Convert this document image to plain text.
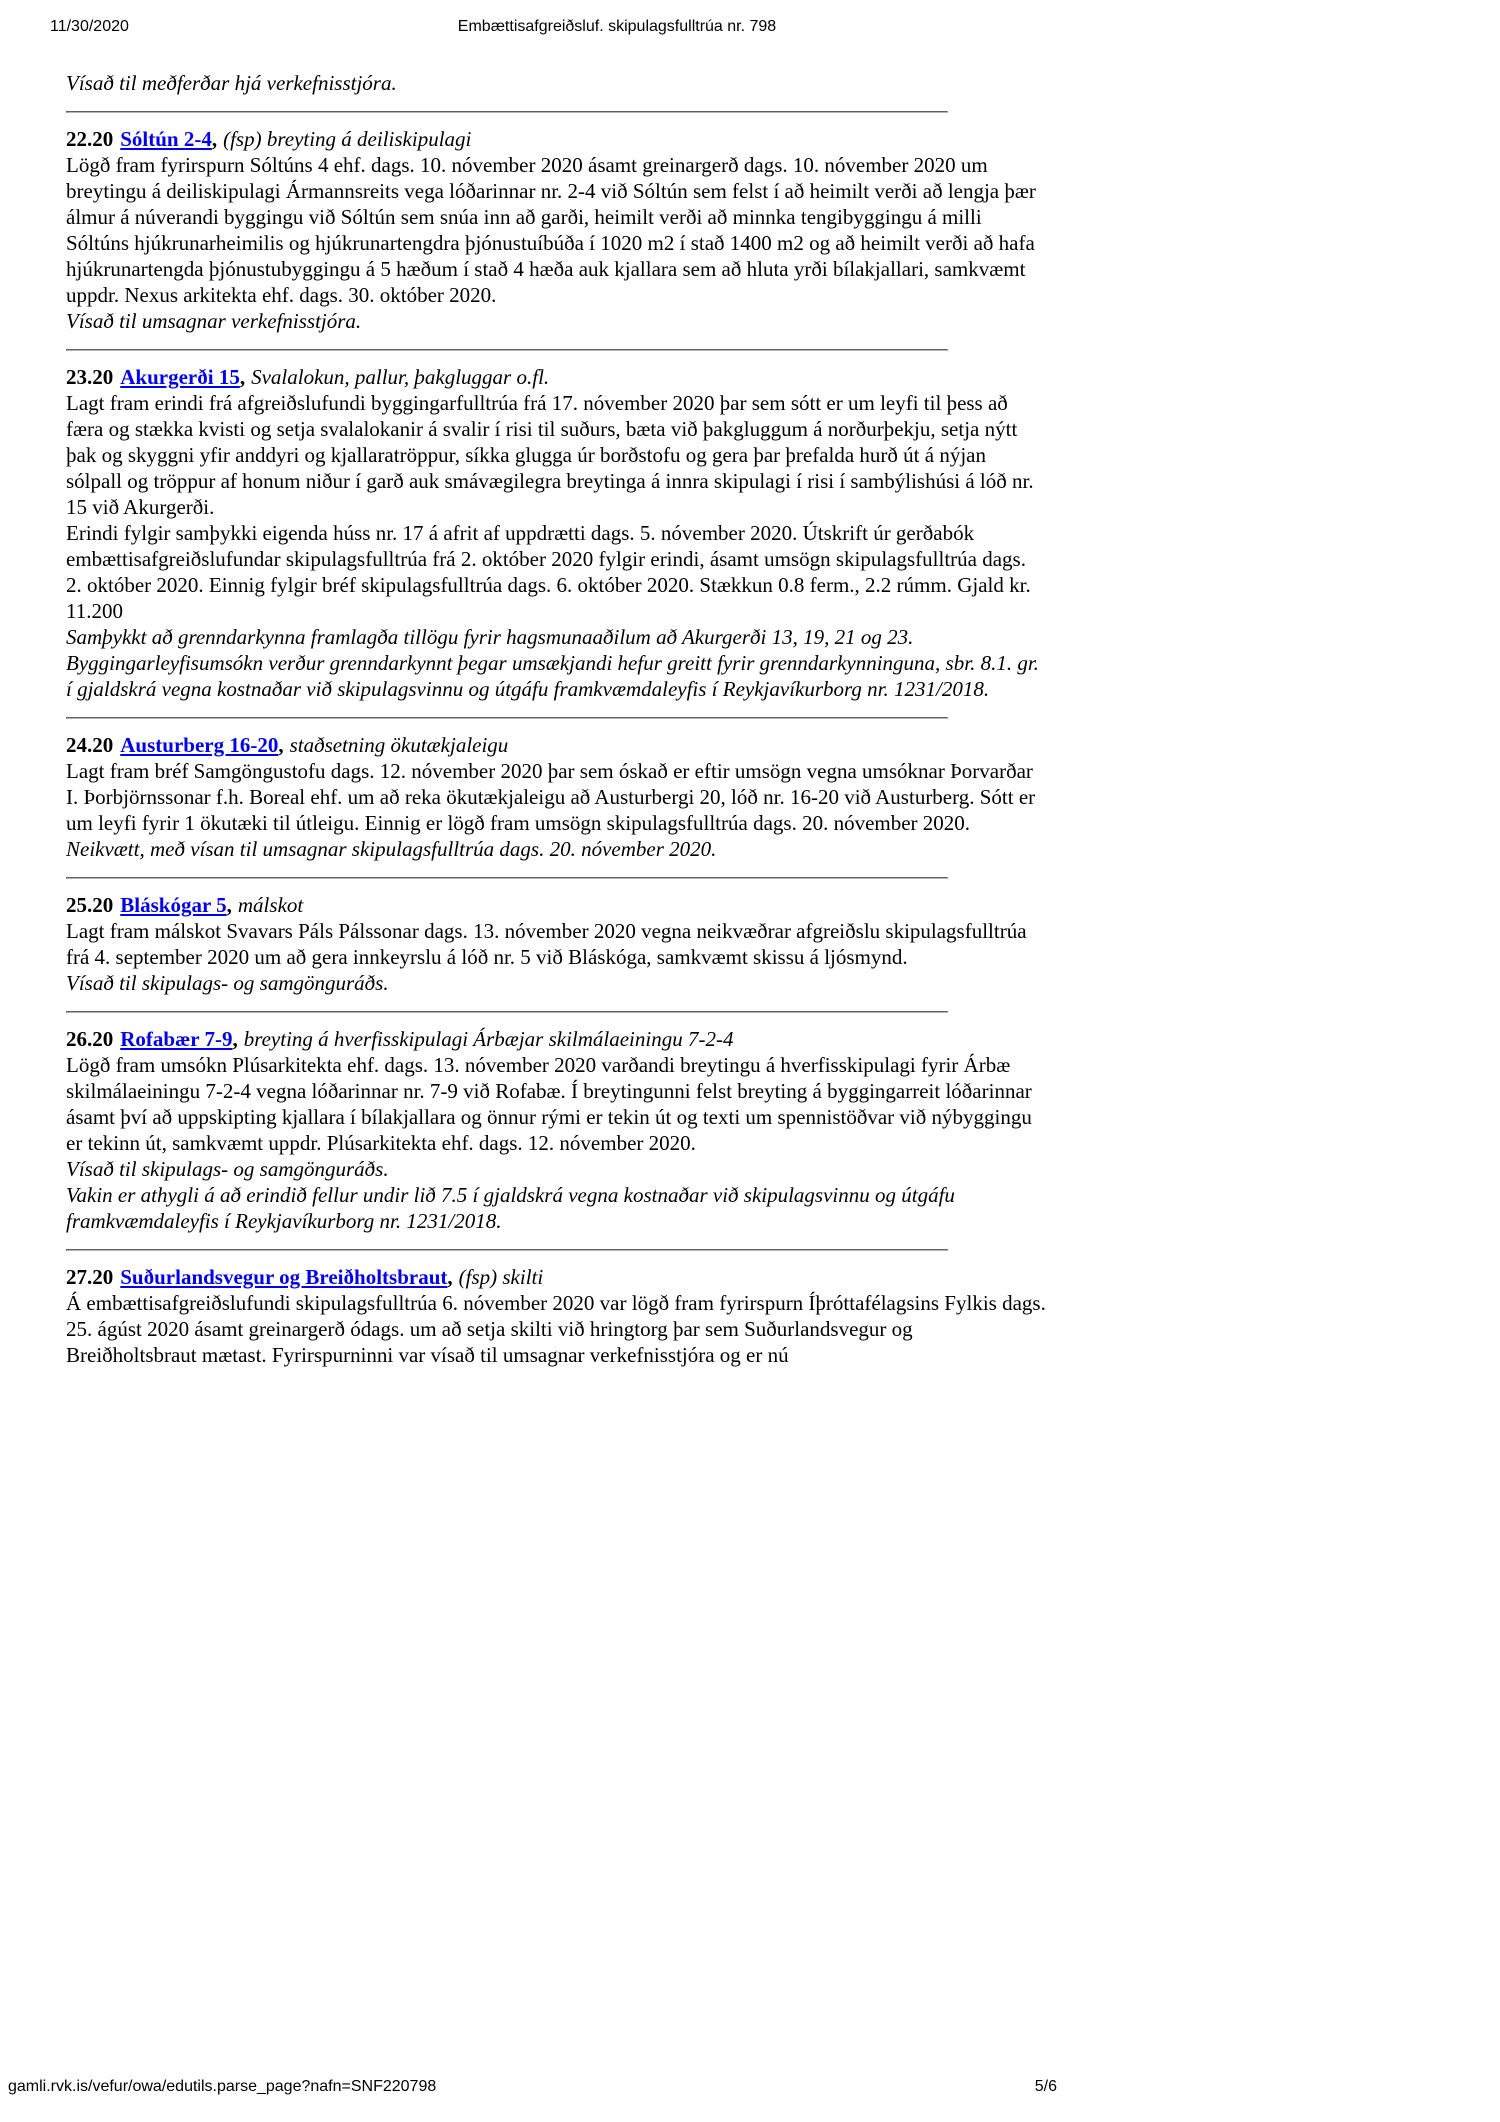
11/30/2020	Embættisafgreiðsluf. skipulagsfulltrúa nr. 798

Vísað til meðferðar hjá verkefnisstjóra.

22.20 Sóltún 2-4, (fsp) breyting á deiliskipulagi

Lögð fram fyrirspurn Sóltúns 4 ehf. dags. 10. nóvember 2020 ásamt greinargerð dags. 10. nóvember 2020 um breytingu á deiliskipulagi Ármannsreits vega lóðarinnar nr. 2-4 við Sóltún sem felst í að heimilt verði að lengja þær álmur á núverandi byggingu við Sóltún sem snúa inn að garði, heimilt verði að minnka tengibyggingu á milli Sóltúns hjúkrunarheimilis og hjúkrunartengdra þjónustuíbúða í 1020 m2 í stað 1400 m2 og að heimilt verði að hafa hjúkrunartengda þjónustubyggingu á 5 hæðum í stað 4 hæða auk kjallara sem að hluta yrði bílakjallari, samkvæmt uppdr. Nexus arkitekta ehf. dags. 30. október 2020.

Vísað til umsagnar verkefnisstjóra.

23.20 Akurgerði 15, Svalalokun, pallur, þakgluggar o.fl.

Lagt fram erindi frá afgreiðslufundi byggingarfulltrúa frá 17. nóvember 2020 þar sem sótt er um leyfi til þess að færa og stækka kvisti og setja svalalokanir á svalir í risi til suðurs, bæta við þakgluggum á norðurþekju, setja nýtt þak og skyggni yfir anddyri og kjallaratröppur, síkka glugga úr borðstofu og gera þar þrefalda hurð út á nýjan sólpall og tröppur af honum niður í garð auk smávægilegra breytinga á innra skipulagi í risi í sambýlishúsi á lóð nr. 15 við Akurgerði.

Erindi fylgir samþykki eigenda húss nr. 17 á afrit af uppdrætti dags. 5. nóvember 2020. Útskrift úr gerðabók embættisafgreiðslufundar skipulagsfulltrúa frá 2. október 2020 fylgir erindi, ásamt umsögn skipulagsfulltrúa dags. 2. október 2020. Einnig fylgir bréf skipulagsfulltrúa dags. 6. október 2020. Stækkun 0.8 ferm., 2.2 rúmm. Gjald kr. 11.200

Samþykkt að grenndarkynna framlagða tillögu fyrir hagsmunaaðilum að Akurgerði 13, 19, 21 og 23.

Byggingarleyfisumsókn verður grenndarkynnt þegar umsækjandi hefur greitt fyrir grenndarkynninguna, sbr. 8.1. gr. í gjaldskrá vegna kostnaðar við skipulagsvinnu og útgáfu framkvæmdaleyfis í Reykjavíkurborg nr. 1231/2018.

24.20 Austurberg 16-20, staðsetning ökutækjaleigu

Lagt fram bréf Samgöngustofu dags. 12. nóvember 2020 þar sem óskað er eftir umsögn vegna umsóknar Þorvarðar I. Þorbjörnssonar f.h. Boreal ehf. um að reka ökutækjaleigu að Austurbergi 20, lóð nr. 16-20 við Austurberg. Sótt er um leyfi fyrir 1 ökutæki til útleigu. Einnig er lögð fram umsögn skipulagsfulltrúa dags. 20. nóvember 2020.

Neikvætt, með vísan til umsagnar skipulagsfulltrúa dags. 20. nóvember 2020.

25.20 Bláskógar 5, málskot

Lagt fram málskot Svavars Páls Pálssonar dags. 13. nóvember 2020 vegna neikvæðrar afgreiðslu skipulagsfulltrúa frá 4. september 2020 um að gera innkeyrslu á lóð nr. 5 við Bláskóga, samkvæmt skissu á ljósmynd.

Vísað til skipulags- og samgönguráðs.

26.20 Rofabær 7-9, breyting á hverfisskipulagi Árbæjar skilmálaeiningu 7-2-4

Lögð fram umsókn Plúsarkitekta ehf. dags. 13. nóvember 2020 varðandi breytingu á hverfisskipulagi fyrir Árbæ skilmálaeiningu 7-2-4 vegna lóðarinnar nr. 7-9 við Rofabæ. Í breytingunni felst breyting á byggingarreit lóðarinnar ásamt því að uppskipting kjallara í bílakjallara og önnur rými er tekin út og texti um spennistöðvar við nýbyggingu er tekinn út, samkvæmt uppdr. Plúsarkitekta ehf. dags. 12. nóvember 2020.

Vísað til skipulags- og samgönguráðs.

Vakin er athygli á að erindið fellur undir lið 7.5 í gjaldskrá vegna kostnaðar við skipulagsvinnu og útgáfu framkvæmdaleyfis í Reykjavíkurborg nr. 1231/2018.

27.20 Suðurlandsvegur og Breiðholtsbraut, (fsp) skilti

Á embættisafgreiðslufundi skipulagsfulltrúa 6. nóvember 2020 var lögð fram fyrirspurn Íþróttafélagsins Fylkis dags. 25. ágúst 2020 ásamt greinargerð ódags. um að setja skilti við hringtorg þar sem Suðurlandsvegur og Breiðholtsbraut mætast. Fyrirspurninni var vísað til umsagnar verkefnisstjóra og er nú

gamli.rvk.is/vefur/owa/edutils.parse_page?nafn=SNF220798	5/6
